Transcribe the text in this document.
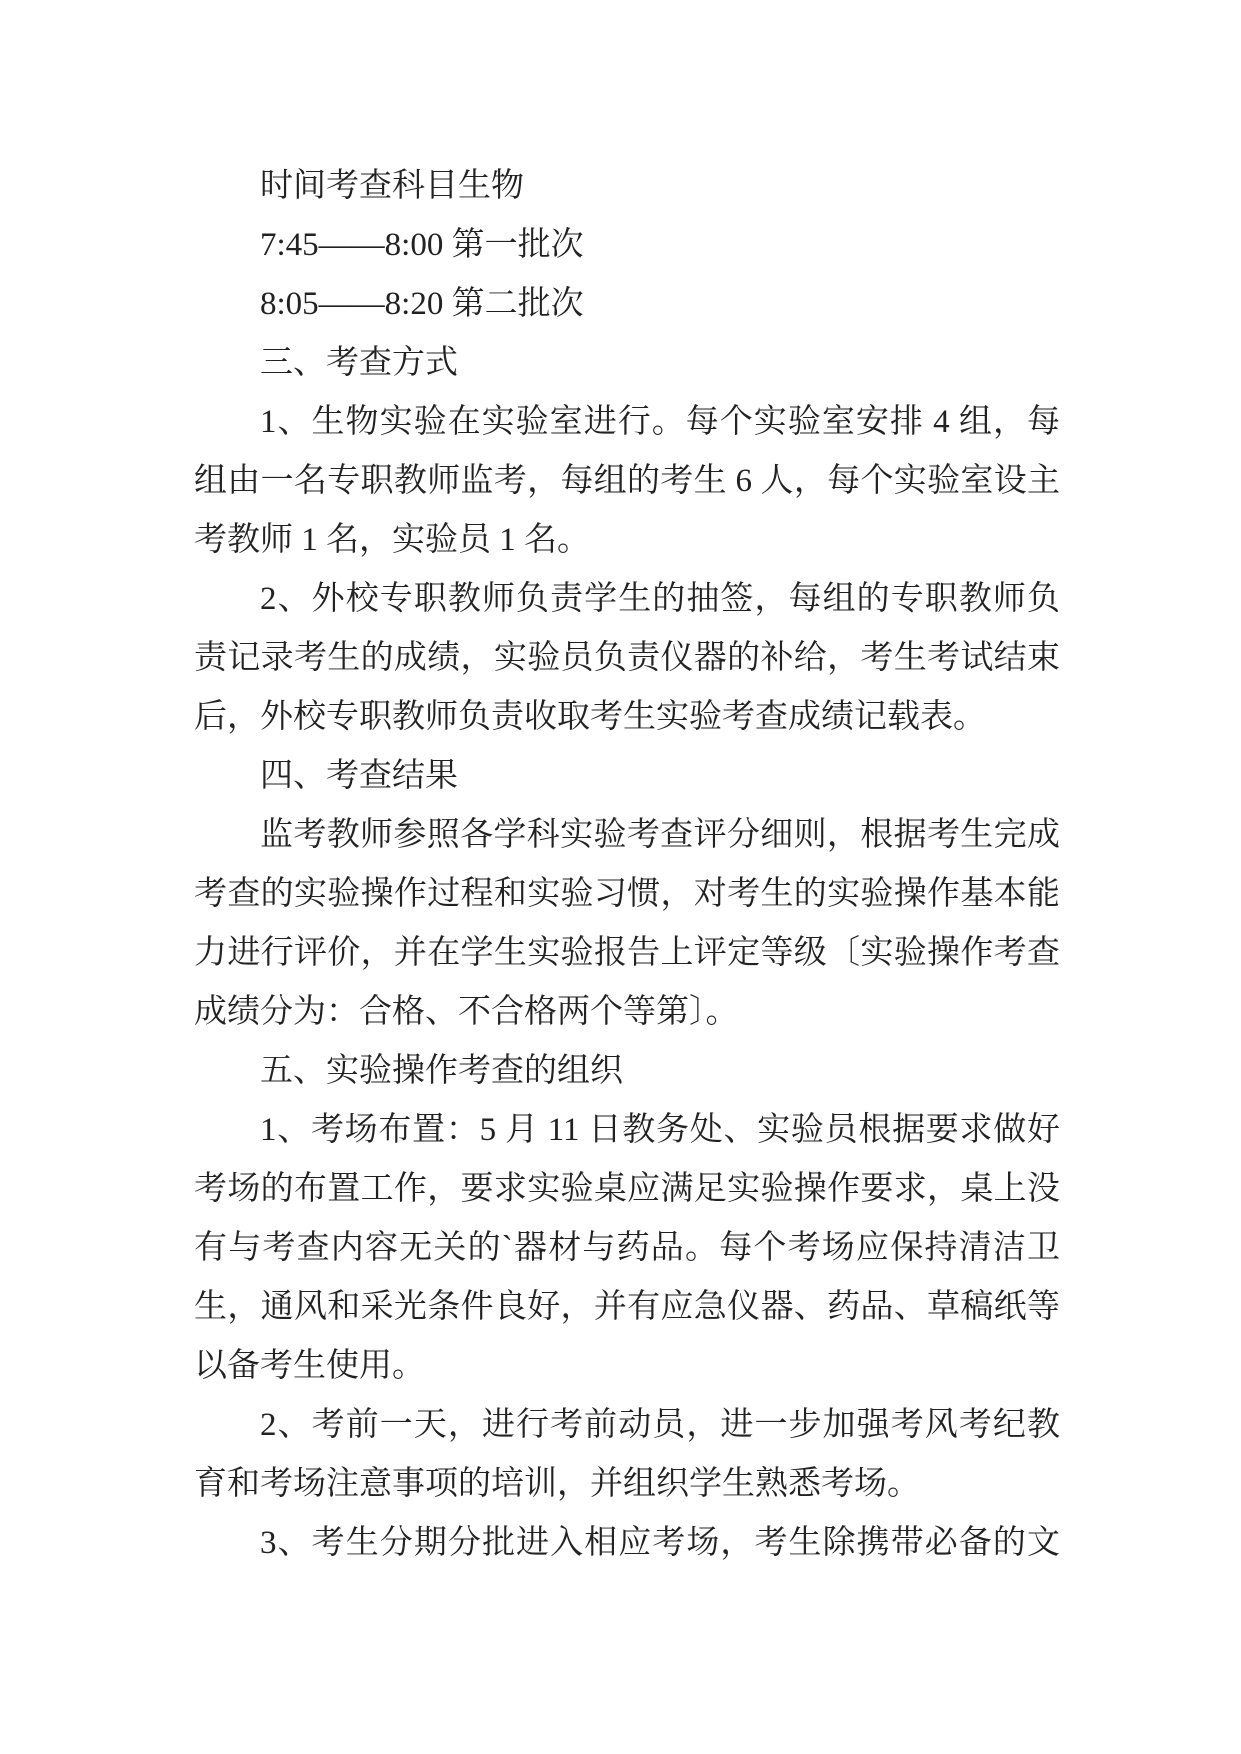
时间考查科目生物
7:45——8:00 第一批次
8:05——8:20 第二批次
三、考查方式
1、生物实验在实验室进行。每个实验室安排 4 组，每
组由一名专职教师监考，每组的考生 6 人，每个实验室设主
考教师 1 名，实验员 1 名。
2、外校专职教师负责学生的抽签，每组的专职教师负
责记录考生的成绩，实验员负责仪器的补给，考生考试结束
后，外校专职教师负责收取考生实验考查成绩记载表。
四、考查结果
监考教师参照各学科实验考查评分细则，根据考生完成
考查的实验操作过程和实验习惯，对考生的实验操作基本能
力进行评价，并在学生实验报告上评定等级〔实验操作考查
成绩分为：合格、不合格两个等第〕。
五、实验操作考查的组织
1、考场布置：5 月 11 日教务处、实验员根据要求做好
考场的布置工作，要求实验桌应满足实验操作要求，桌上没
有与考查内容无关的`器材与药品。每个考场应保持清洁卫
生，通风和采光条件良好，并有应急仪器、药品、草稿纸等
以备考生使用。
2、考前一天，进行考前动员，进一步加强考风考纪教
育和考场注意事项的培训，并组织学生熟悉考场。
3、考生分期分批进入相应考场，考生除携带必备的文
